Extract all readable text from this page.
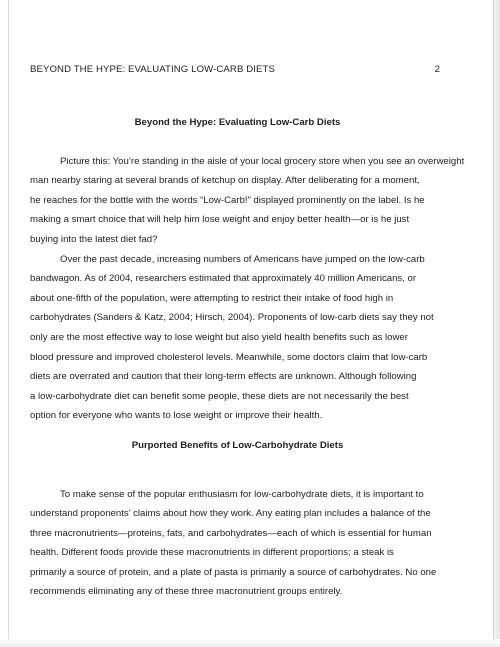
BEYOND THE HYPE: EVALUATING LOW-CARB DIETS	2
Beyond the Hype: Evaluating Low-Carb Diets

Picture this: You’re standing in the aisle of your local grocery store when you see an overweight
man nearby staring at several brands of ketchup on display. After deliberating for a moment,
he reaches for the bottle with the words “Low-Carb!” displayed prominently on the label. Is he
making a smart choice that will help him lose weight and enjoy better health—or is he just
buying into the latest diet fad?

Over the past decade, increasing numbers of Americans have jumped on the low-carb
bandwagon. As of 2004, researchers estimated that approximately 40 million Americans, or
about one-fifth of the population, were attempting to restrict their intake of food high in
carbohydrates (Sanders & Katz, 2004; Hirsch, 2004). Proponents of low-carb diets say they not
only are the most effective way to lose weight but also yield health benefits such as lower
blood pressure and improved cholesterol levels. Meanwhile, some doctors claim that low-carb
diets are overrated and caution that their long-term effects are unknown. Although following
a low-carbohydrate diet can benefit some people, these diets are not necessarily the best
option for everyone who wants to lose weight or improve their health.

Purported Benefits of Low-Carbohydrate Diets

To make sense of the popular enthusiasm for low-carbohydrate diets, it is important to
understand proponents’ claims about how they work. Any eating plan includes a balance of the
three macronutrients—proteins, fats, and carbohydrates—each of which is essential for human
health. Different foods provide these macronutrients in different proportions; a steak is
primarily a source of protein, and a plate of pasta is primarily a source of carbohydrates. No one
recommends eliminating any of these three macronutrient groups entirely.
